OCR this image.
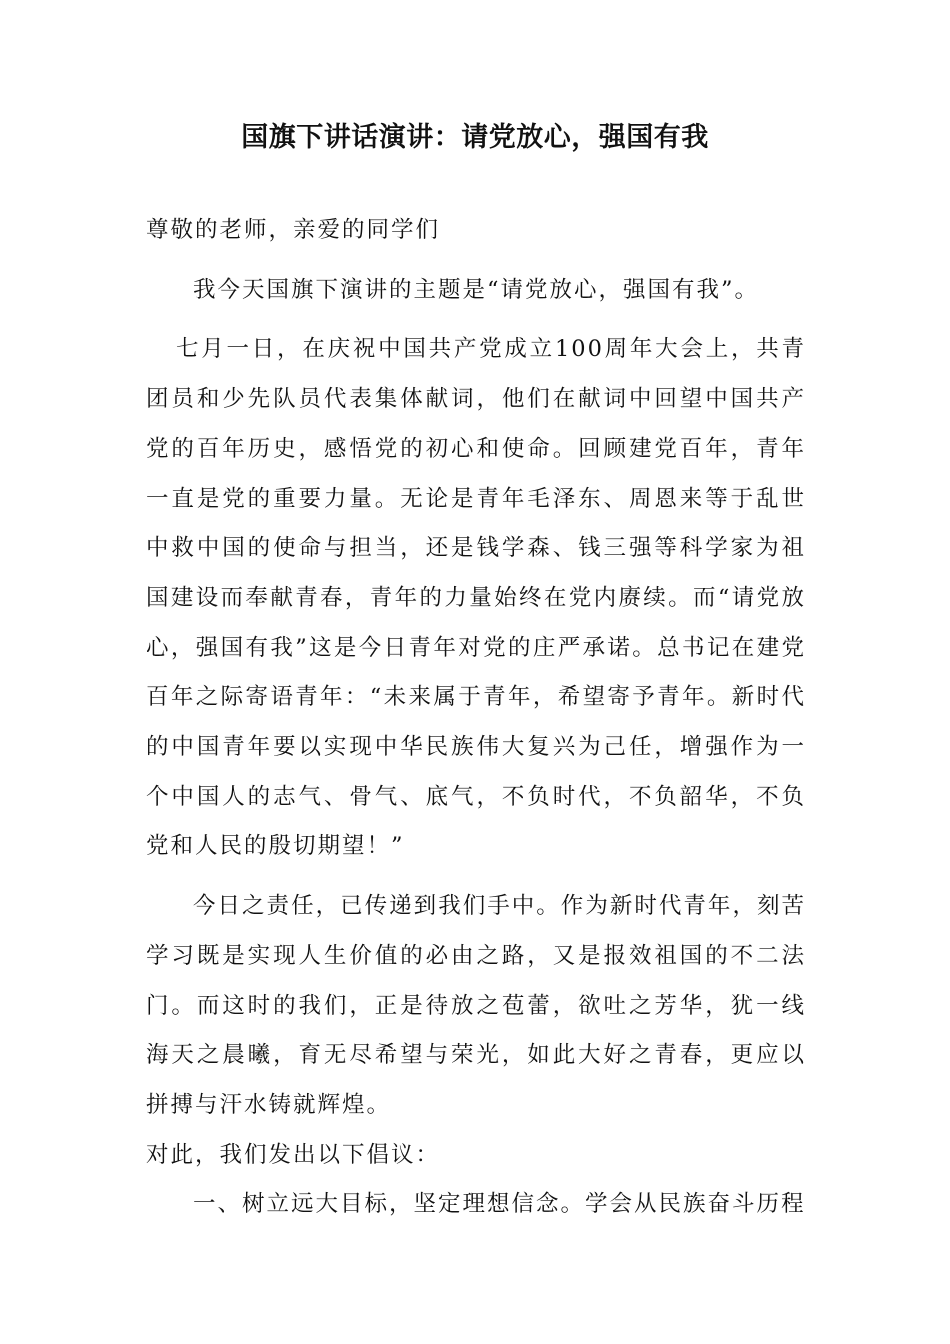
国旗下讲话演讲：请党放心，强国有我

尊敬的老师，亲爱的同学们

我今天国旗下演讲的主题是“请党放心，强国有我”。

七月一日，在庆祝中国共产党成立100周年大会上，共青团员和少先队员代表集体献词，他们在献词中回望中国共产党的百年历史，感悟党的初心和使命。回顾建党百年，青年一直是党的重要力量。无论是青年毛泽东、周恩来等于乱世中救中国的使命与担当，还是钱学森、钱三强等科学家为祖国建设而奉献青春，青年的力量始终在党内赓续。而“请党放心，强国有我”这是今日青年对党的庄严承诺。总书记在建党百年之际寄语青年：“未来属于青年，希望寄予青年。新时代的中国青年要以实现中华民族伟大复兴为己任，增强作为一个中国人的志气、骨气、底气，不负时代，不负韶华，不负党和人民的殷切期望！”

今日之责任，已传递到我们手中。作为新时代青年，刻苦学习既是实现人生价值的必由之路，又是报效祖国的不二法门。而这时的我们，正是待放之苞蕾，欲吐之芳华，犹一线海天之晨曦，育无尽希望与荣光，如此大好之青春，更应以拼搏与汗水铸就辉煌。

对此，我们发出以下倡议：

一、树立远大目标，坚定理想信念。学会从民族奋斗历程
